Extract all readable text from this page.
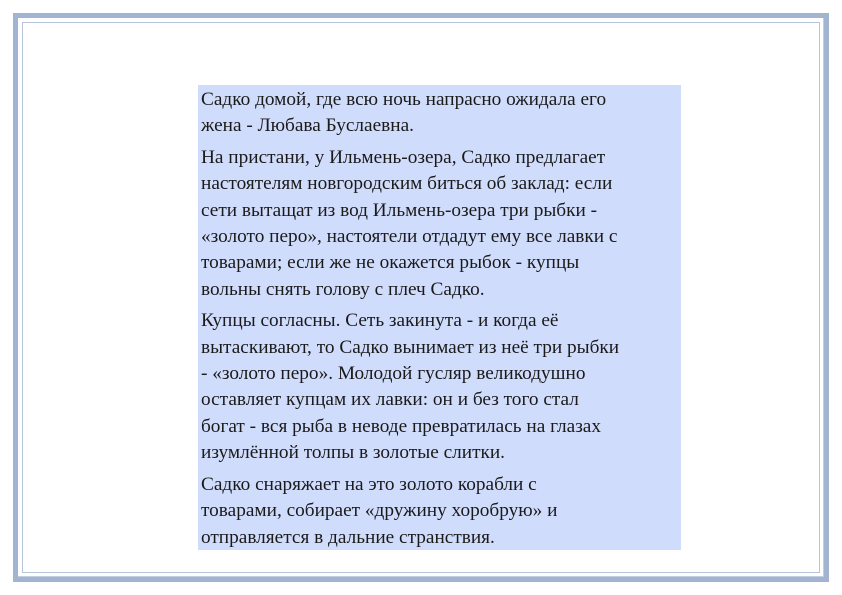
Садко домой, где всю ночь напрасно ожидала его
жена - Любава Буслаевна.

На пристани, у Ильмень-озера, Садко предлагает
настоятелям новгородским биться об заклад: если
сети вытащат из вод Ильмень-озера три рыбки -
«золото перо», настоятели отдадут ему все лавки с
товарами; если же не окажется рыбок - купцы
вольны снять голову с плеч Садко.

Купцы согласны. Сеть закинута - и когда её
вытаскивают, то Садко вынимает из неё три рыбки
- «золото перо». Молодой гусляр великодушно
оставляет купцам их лавки: он и без того стал
богат - вся рыба в неводе превратилась на глазах
изумлённой толпы в золотые слитки.

Садко снаряжает на это золото корабли с
товарами, собирает «дружину хоробрую» и
отправляется в дальние странствия.
